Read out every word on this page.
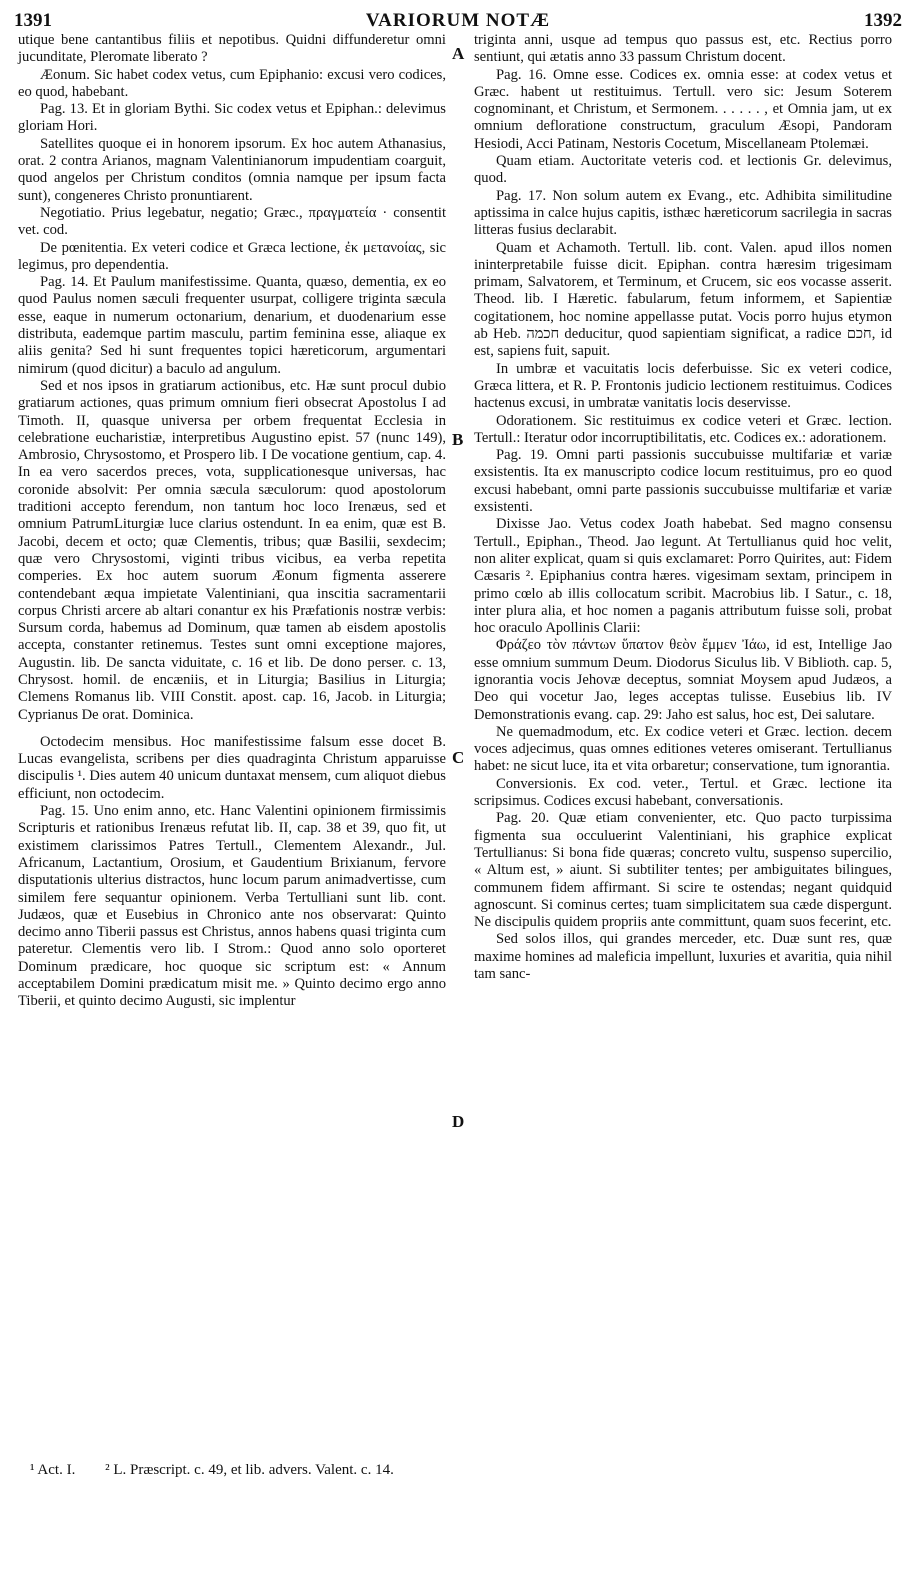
1391	VARIORUM NOTÆ	1392

utique bene cantantibus filiis et nepotibus. Quidni diffunderetur omni jucunditate, Pleromate liberato ?

Æonum. Sic habet codex vetus, cum Epiphanio: excusi vero codices, eo quod, habebant.

Pag. 13. Et in gloriam Bythi. Sic codex vetus et Epiphan.: delevimus gloriam Hori.

Satellites quoque ei in honorem ipsorum. Ex hoc autem Athanasius, orat. 2 contra Arianos, magnam Valentinianorum impudentiam coarguit, quod angelos per Christum conditos (omnia namque per ipsum facta sunt), congeneres Christo pronuntiarent.

Negotiatio. Prius legebatur, negatio; Græc., πραγματεία · consentit vet. cod.

De pœnitentia. Ex veteri codice et Græca lectione, ἐκ μετανοίας, sic legimus, pro dependentia.

Pag. 14. Et Paulum manifestissime. Quanta, quæso, dementia, ex eo quod Paulus nomen sæculi frequenter usurpat, colligere triginta sæcula esse, eaque in numerum octonarium, denarium, et duodenarium esse distributa, eademque partim masculu, partim feminina esse, aliaque ex aliis genita? Sed hi sunt frequentes topici hæreticorum, argumentari nimirum (quod dicitur) a baculo ad angulum.

Sed et nos ipsos in gratiarum actionibus, etc. Hæ sunt procul dubio gratiarum actiones, quas primum omnium fieri obsecrat Apostolus I ad Timoth. II, quasque universa per orbem frequentat Ecclesia in celebratione eucharistiæ, interpretibus Augustino epist. 57 (nunc 149), Ambrosio, Chrysostomo, et Prospero lib. I De vocatione gentium, cap. 4. In ea vero sacerdos preces, vota, supplicationesque universas, hac coronide absolvit: Per omnia sæcula sæculorum: quod apostolorum traditioni accepto ferendum, non tantum hoc loco Irenæus, sed et omnium PatrumLiturgiæ luce clarius ostendunt. In ea enim, quæ est B. Jacobi, decem et octo; quæ Clementis, tribus; quæ Basilii, sexdecim; quæ vero Chrysostomi, viginti tribus vicibus, ea verba repetita comperies. Ex hoc autem suorum Æonum figmenta asserere contendebant æqua impietate Valentiniani, qua inscitia sacramentarii corpus Christi arcere ab altari conantur ex his Præfationis nostræ verbis: Sursum corda, habemus ad Dominum, quæ tamen ab eisdem apostolis accepta, constanter retinemus. Testes sunt omni exceptione majores, Augustin. lib. De sancta viduitate, c. 16 et lib. De dono perser. c. 13, Chrysost. homil. de encæniis, et in Liturgia; Basilius in Liturgia; Clemens Romanus lib. VIII Constit. apost. cap. 16, Jacob. in Liturgia; Cyprianus De orat. Dominica.

Octodecim mensibus. Hoc manifestissime falsum esse docet B. Lucas evangelista, scribens per dies quadraginta Christum apparuisse discipulis ¹. Dies autem 40 unicum duntaxat mensem, cum aliquot diebus efficiunt, non octodecim.

Pag. 15. Uno enim anno, etc. Hanc Valentini opinionem firmissimis Scripturis et rationibus Irenæus refutat lib. II, cap. 38 et 39, quo fit, ut existimem clarissimos Patres Tertull., Clementem Alexandr., Jul. Africanum, Lactantium, Orosium, et Gaudentium Brixianum, fervore disputationis ulterius distractos, hunc locum parum animadvertisse, cum similem fere sequantur opinionem. Verba Tertulliani sunt lib. cont. Judæos, quæ et Eusebius in Chronico ante nos observarat: Quinto decimo anno Tiberii passus est Christus, annos habens quasi triginta cum pateretur. Clementis vero lib. I Strom.: Quod anno solo oporteret Dominum prædicare, hoc quoque sic scriptum est: « Annum acceptabilem Domini prædicatum misit me. » Quinto decimo ergo anno Tiberii, et quinto decimo Augusti, sic implentur

triginta anni, usque ad tempus quo passus est, etc. Rectius porro sentiunt, qui ætatis anno 33 passum Christum docent.

Pag. 16. Omne esse. Codices ex. omnia esse: at codex vetus et Græc. habent ut restituimus. Tertull. vero sic: Jesum Soterem cognominant, et Christum, et Sermonem. . . . . . , et Omnia jam, ut ex omnium defloratione constructum, graculum Æsopi, Pandoram Hesiodi, Acci Patinam, Nestoris Cocetum, Miscellaneam Ptolemæi.

Quam etiam. Auctoritate veteris cod. et lectionis Gr. delevimus, quod.

Pag. 17. Non solum autem ex Evang., etc. Adhibita similitudine aptissima in calce hujus capitis, isthæc hæreticorum sacrilegia in sacras litteras fusius declarabit.

Quam et Achamoth. Tertull. lib. cont. Valen. apud illos nomen ininterpretabile fuisse dicit. Epiphan. contra hæresim trigesimam primam, Salvatorem, et Terminum, et Crucem, sic eos vocasse asserit. Theod. lib. I Hæretic. fabularum, fetum informem, et Sapientiæ cogitationem, hoc nomine appellasse putat. Vocis porro hujus etymon ab Heb. חכמה deducitur, quod sapientiam significat, a radice חכם, id est, sapiens fuit, sapuit.

In umbræ et vacuitatis locis deferbuisse. Sic ex veteri codice, Græca littera, et R. P. Frontonis judicio lectionem restituimus. Codices hactenus excusi, in umbratæ vanitatis locis deservisse.

Odorationem. Sic restituimus ex codice veteri et Græc. lection. Tertull.: Iteratur odor incorruptibilitatis, etc. Codices ex.: adorationem.

Pag. 19. Omni parti passionis succubuisse multifariæ et variæ exsistentis. Ita ex manuscripto codice locum restituimus, pro eo quod excusi habebant, omni parte passionis succubuisse multifariæ et variæ exsistenti.

Dixisse Jao. Vetus codex Joath habebat. Sed magno consensu Tertull., Epiphan., Theod. Jao legunt. At Tertullianus quid hoc velit, non aliter explicat, quam si quis exclamaret: Porro Quirites, aut: Fidem Cæsaris ². Epiphanius contra hæres. vigesimam sextam, principem in primo cœlo ab illis collocatum scribit. Macrobius lib. I Satur., c. 18, inter plura alia, et hoc nomen a paganis attributum fuisse soli, probat hoc oraculo Apollinis Clarii:

Φράζεο τὸν πάντων ὕπατον θεὸν ἔμμεν Ἰάω, id est, Intellige Jao esse omnium summum Deum. Diodorus Siculus lib. V Biblioth. cap. 5, ignorantia vocis Jehovæ deceptus, somniat Moysem apud Judæos, a Deo qui vocetur Jao, leges acceptas tulisse. Eusebius lib. IV Demonstrationis evang. cap. 29: Jaho est salus, hoc est, Dei salutare.

Ne quemadmodum, etc. Ex codice veteri et Græc. lection. decem voces adjecimus, quas omnes editiones veteres omiserant. Tertullianus habet: ne sicut luce, ita et vita orbaretur; conservatione, tum ignorantia.

Conversionis. Ex cod. veter., Tertul. et Græc. lectione ita scripsimus. Codices excusi habebant, conversationis.

Pag. 20. Quæ etiam convenienter, etc. Quo pacto turpissima figmenta sua occuluerint Valentiniani, his graphice explicat Tertullianus: Si bona fide quæras; concreto vultu, suspenso supercilio, « Altum est, » aiunt. Si subtiliter tentes; per ambiguitates bilingues, communem fidem affirmant. Si scire te ostendas; negant quidquid agnoscunt. Si cominus certes; tuam simplicitatem sua cæde dispergunt. Ne discipulis quidem propriis ante committunt, quam suos fecerint, etc.

Sed solos illos, qui grandes merceder, etc. Duæ sunt res, quæ maxime homines ad maleficia impellunt, luxuries et avaritia, quia nihil tam sanc-

A
B
C
D
¹ Act. I. ² L. Præscript. c. 49, et lib. advers. Valent. c. 14.
